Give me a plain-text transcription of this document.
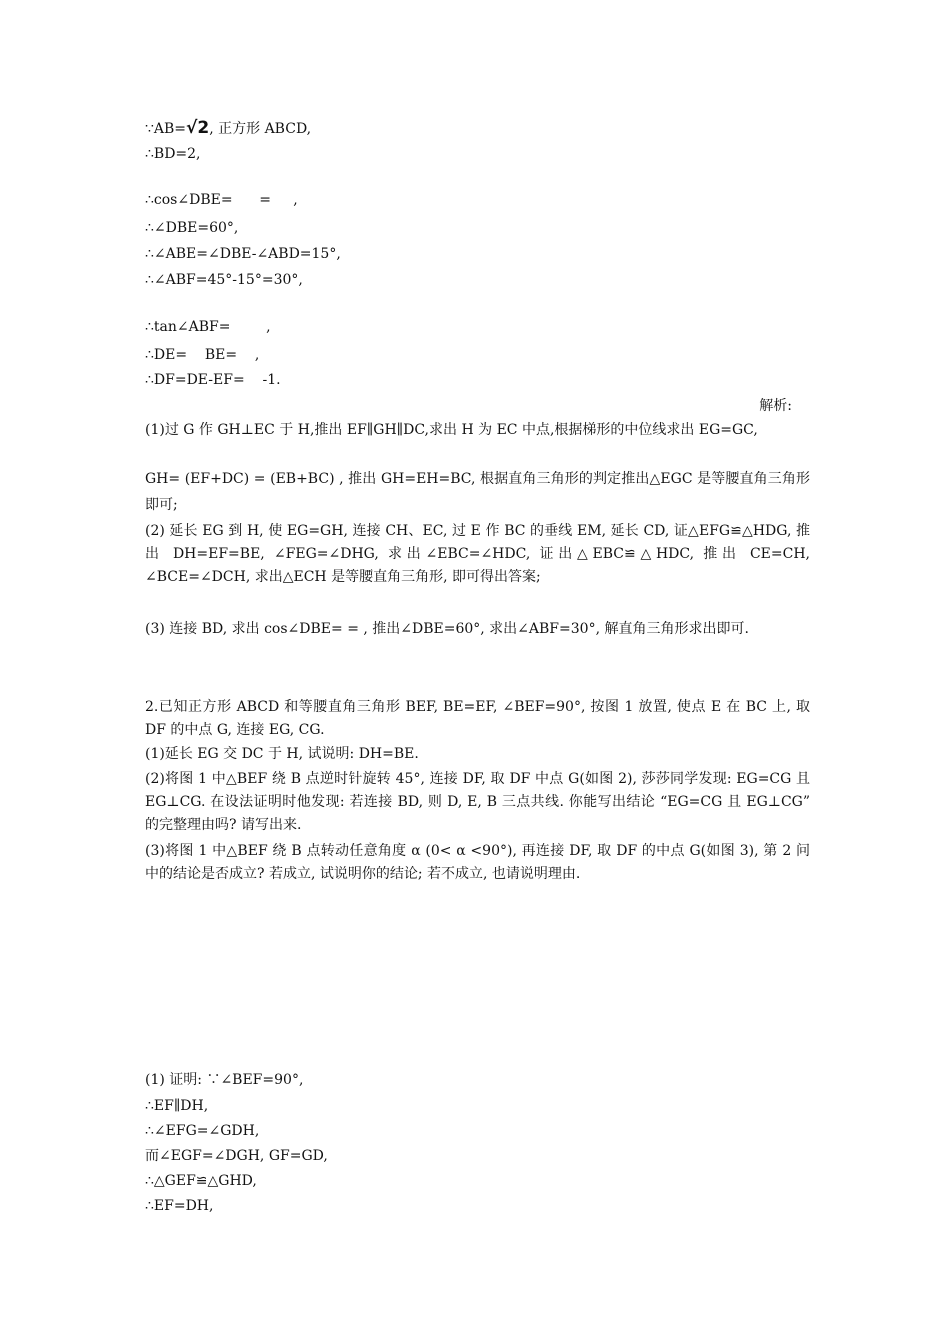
∵AB=√2, 正方形 ABCD,
∴BD=2,
∴cos∠DBE=      =     ,
∴∠DBE=60°,
∴∠ABE=∠DBE-∠ABD=15°,
∴∠ABF=45°-15°=30°,
∴tan∠ABF=        ,
∴DE=    BE=    ,
∴DF=DE-EF=    -1.
解析:
(1)过 G 作 GH⊥EC 于 H,推出 EF∥GH∥DC,求出 H 为 EC 中点,根据梯形的中位线求出 EG=GC,
GH= (EF+DC) = (EB+BC) , 推出 GH=EH=BC, 根据直角三角形的判定推出△EGC 是等腰直角三角形即可;
(2) 延长 EG 到 H, 使 EG=GH, 连接 CH、EC, 过 E 作 BC 的垂线 EM, 延长 CD, 证△EFG≌△HDG, 推出 DH=EF=BE, ∠FEG=∠DHG, 求出∠EBC=∠HDC, 证出△EBC≌△HDC, 推出 CE=CH, ∠BCE=∠DCH, 求出△ECH 是等腰直角三角形, 即可得出答案;
(3) 连接 BD, 求出 cos∠DBE= = , 推出∠DBE=60°, 求出∠ABF=30°, 解直角三角形求出即可.
2.已知正方形 ABCD 和等腰直角三角形 BEF, BE=EF, ∠BEF=90°, 按图 1 放置, 使点 E 在 BC 上, 取 DF 的中点 G, 连接 EG, CG.
(1)延长 EG 交 DC 于 H, 试说明: DH=BE.
(2)将图 1 中△BEF 绕 B 点逆时针旋转 45°, 连接 DF, 取 DF 中点 G(如图 2), 莎莎同学发现: EG=CG 且 EG⊥CG. 在设法证明时他发现: 若连接 BD, 则 D, E, B 三点共线. 你能写出结论 “EG=CG 且 EG⊥CG” 的完整理由吗? 请写出来.
(3)将图 1 中△BEF 绕 B 点转动任意角度 α (0< α <90°), 再连接 DF, 取 DF 的中点 G(如图 3), 第 2 问中的结论是否成立? 若成立, 试说明你的结论; 若不成立, 也请说明理由.
(1) 证明: ∵∠BEF=90°,
∴EF∥DH,
∴∠EFG=∠GDH,
而∠EGF=∠DGH, GF=GD,
∴△GEF≌△GHD,
∴EF=DH,
